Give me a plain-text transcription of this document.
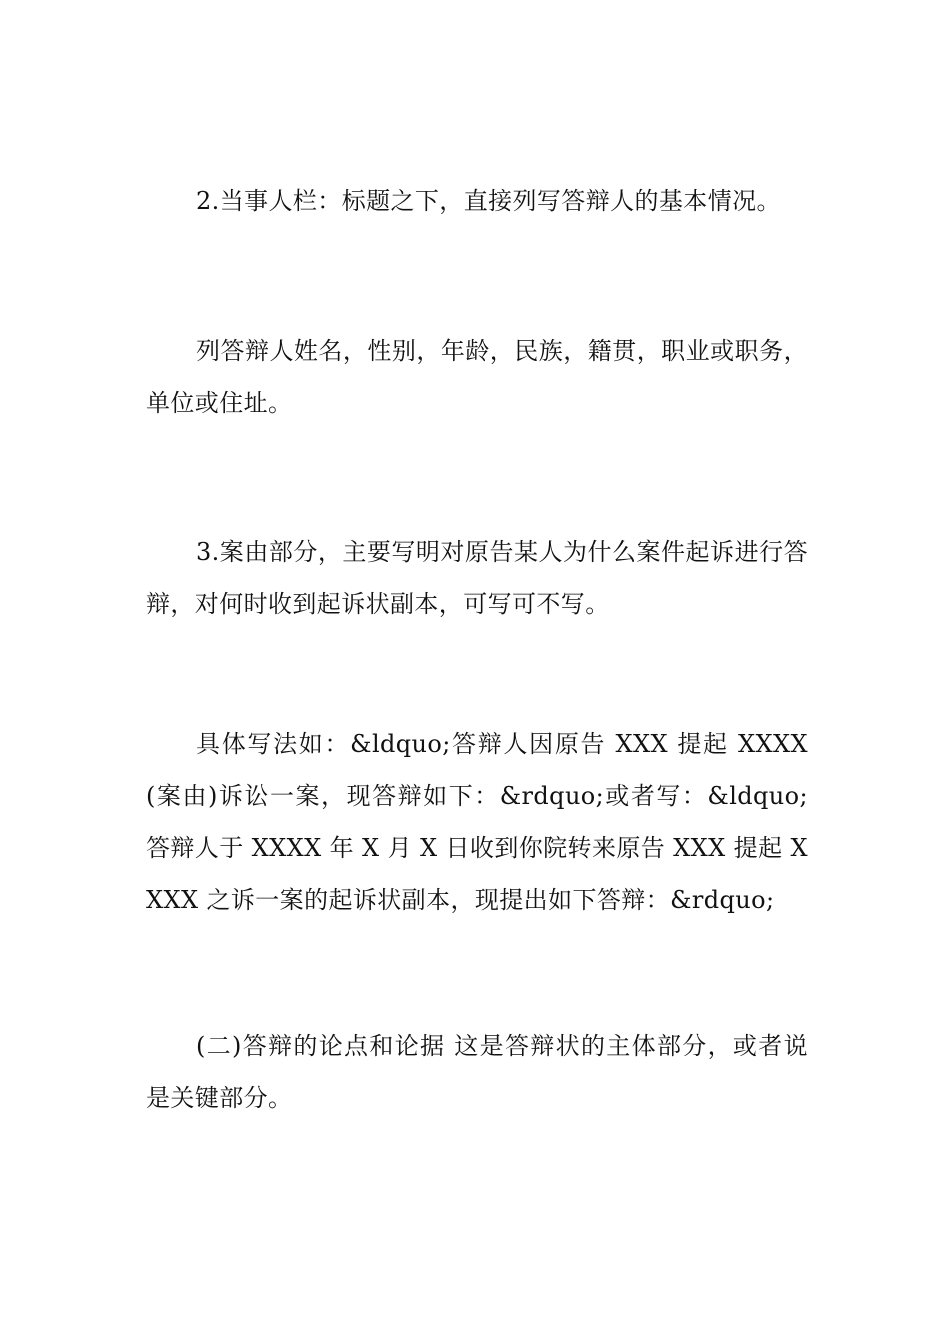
2.当事人栏：标题之下，直接列写答辩人的基本情况。

列答辩人姓名，性别，年龄，民族，籍贯，职业或职务，单位或住址。

3.案由部分，主要写明对原告某人为什么案件起诉进行答辩，对何时收到起诉状副本，可写可不写。

具体写法如：&ldquo;答辩人因原告 XXX 提起 XXXX(案由)诉讼一案，现答辩如下：&rdquo;或者写：&ldquo;答辩人于 XXXX 年 X 月 X 日收到你院转来原告 XXX 提起 XXXX 之诉一案的起诉状副本，现提出如下答辩：&rdquo;

(二)答辩的论点和论据 这是答辩状的主体部分，或者说是关键部分。
